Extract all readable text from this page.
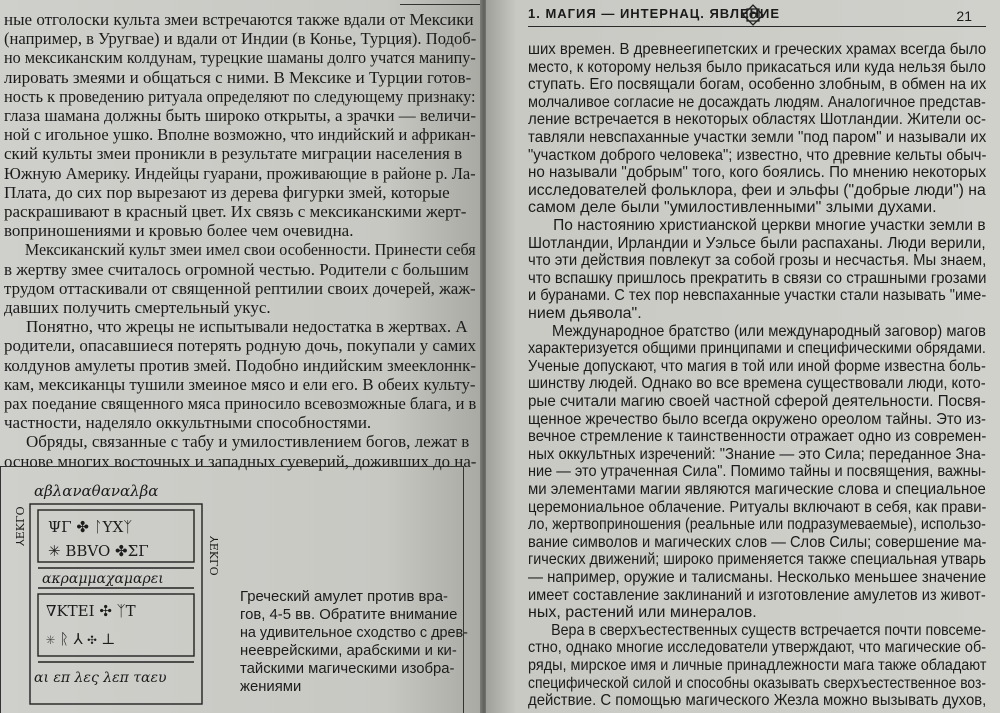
ные отголоски культа змеи встречаются также вдали от Мексики
(например, в Уругвае) и вдали от Индии (в Конье, Турция). Подоб-
но мексиканским колдунам, турецкие шаманы долго учатся манипу-
лировать змеями и общаться с ними. В Мексике и Турции готов-
ность к проведению ритуала определяют по следующему признаку:
глаза шамана должны быть широко открыты, а зрачки — величи-
ной с игольное ушко. Вполне возможно, что индийский и африкан-
ский культы змеи проникли в результате миграции населения в
Южную Америку. Индейцы гуарани, проживающие в районе р. Ла-
Плата, до сих пор вырезают из дерева фигурки змей, которые
раскрашивают в красный цвет. Их связь с мексиканскими жерт-
воприношениями и кровью более чем очевидна.
Мексиканский культ змеи имел свои особенности. Принести себя
в жертву змее считалось огромной честью. Родители с большим
трудом оттаскивали от священной рептилии своих дочерей, жаж-
давших получить смертельный укус.
Понятно, что жрецы не испытывали недостатка в жертвах. А
родители, опасавшиеся потерять родную дочь, покупали у самих
колдунов амулеты против змей. Подобно индийским змееклоннк-
кам, мексиканцы тушили змеиное мясо и ели его. В обеих культу-
рах поедание священного мяса приносило всевозможные блага, и в
частности, наделяло оккультными способностями.
Обряды, связанные с табу и умилостивлением богов, лежат в
основе многих восточных и западных суеверий, доживших до на-
αβλαναθαναλβα
ΨΓ ✤ ᛚΥΧᛉ
✳ ΒΒVO ✤ΣΓ
ακραμμαχαμαρει
∇ΚΤΕΙ ✣ ᛉΤ
✳ ᚱ ⅄ ✣ ⊥
αι επ λες λεπ ταευ
⅄ΕΚΓΟ
⅄ΕΚΓΟ
Греческий амулет против вра-
гов, 4-5 вв. Обратите внимание
на удивительное сходство с древ-
нееврейскими, арабскими и ки-
тайскими магическими изобра-
жениями
1. МАГИЯ — ИНТЕРНАЦ. ЯВЛЕНИЕ	21
ших времен. В древнеегипетских и греческих храмах всегда было
место, к которому нельзя было прикасаться или куда нельзя было
ступать. Его посвящали богам, особенно злобным, в обмен на их
молчаливое согласие не досаждать людям. Аналогичное представ-
ление встречается в некоторых областях Шотландии. Жители ос-
тавляли невспаханные участки земли "под паром" и называли их
"участком доброго человека"; известно, что древние кельты обыч-
но называли "добрым" того, кого боялись. По мнению некоторых
исследователей фольклора, феи и эльфы ("добрые люди") на
самом деле были "умилостивленными" злыми духами.
По настоянию христианской церкви многие участки земли в
Шотландии, Ирландии и Уэльсе были распаханы. Люди верили,
что эти действия повлекут за собой грозы и несчастья. Мы знаем,
что вспашку пришлось прекратить в связи со страшными грозами
и буранами. С тех пор невспаханные участки стали называть "име-
нием дьявола".
Международное братство (или международный заговор) магов
характеризуется общими принципами и специфическими обрядами.
Ученые допускают, что магия в той или иной форме известна боль-
шинству людей. Однако во все времена существовали люди, кото-
рые считали магию своей частной сферой деятельности. Посвя-
щенное жречество было всегда окружено ореолом тайны. Это из-
вечное стремление к таинственности отражает одно из современ-
ных оккультных изречений: "Знание — это Сила; переданное Зна-
ние — это утраченная Сила". Помимо тайны и посвящения, важны-
ми элементами магии являются магические слова и специальное
церемониальное облачение. Ритуалы включают в себя, как прави-
ло, жертвоприношения (реальные или подразумеваемые), использо-
вание символов и магических слов — Слов Силы; совершение ма-
гических движений; широко применяется также специальная утварь
— например, оружие и талисманы. Несколько меньшее значение
имеет составление заклинаний и изготовление амулетов из живот-
ных, растений или минералов.
Вера в сверхъестественных существ встречается почти повсеме-
стно, однако многие исследователи утверждают, что магические об-
ряды, мирское имя и личные принадлежности мага также обладают
специфической силой и способны оказывать сверхъестественное воз-
действие. С помощью магического Жезла можно вызывать духов,
